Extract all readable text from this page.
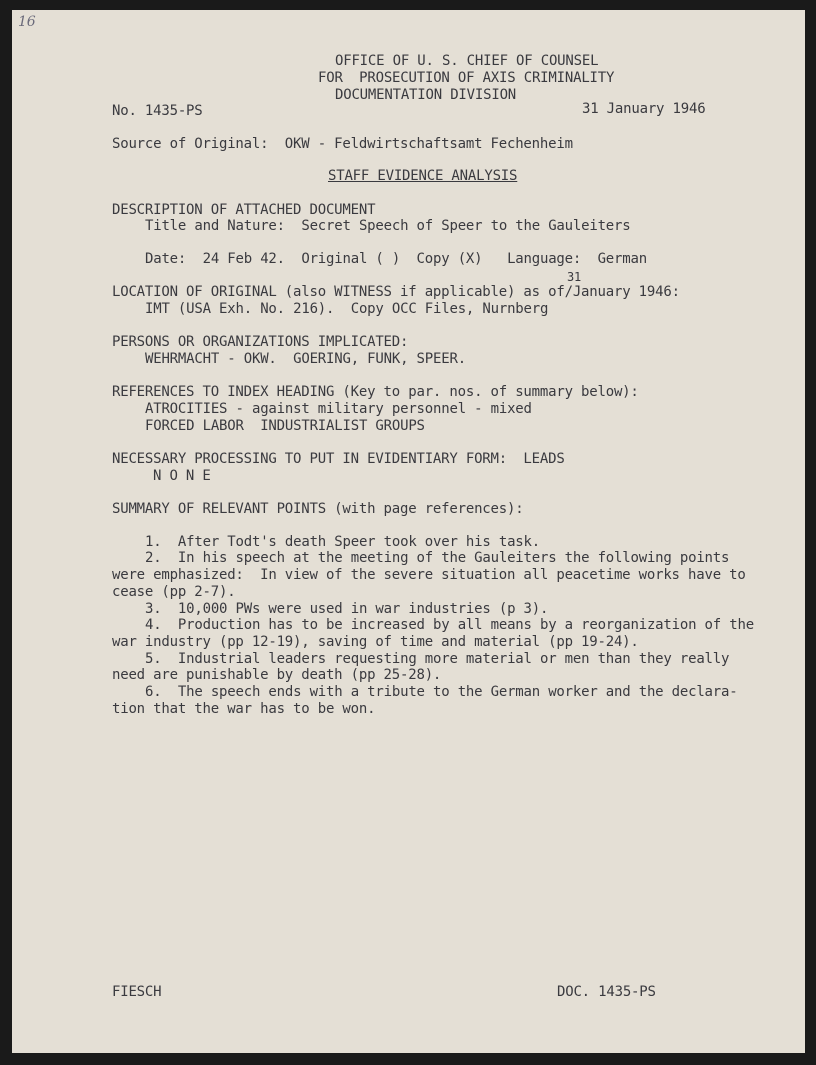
16
OFFICE OF U. S. CHIEF OF COUNSEL
FOR  PROSECUTION OF AXIS CRIMINALITY
DOCUMENTATION DIVISION
No. 1435-PS	31 January 1946
Source of Original:  OKW - Feldwirtschaftsamt Fechenheim
STAFF EVIDENCE ANALYSIS
DESCRIPTION OF ATTACHED DOCUMENT
Title and Nature:  Secret Speech of Speer to the Gauleiters
Date:  24 Feb 42.  Original ( )  Copy (X)   Language:  German
LOCATION OF ORIGINAL (also WITNESS if applicable) as of/January 1946:
31
IMT (USA Exh. No. 216).  Copy OCC Files, Nurnberg
PERSONS OR ORGANIZATIONS IMPLICATED:
WEHRMACHT - OKW.  GOERING, FUNK, SPEER.
REFERENCES TO INDEX HEADING (Key to par. nos. of summary below):
ATROCITIES - against military personnel - mixed
FORCED LABOR  INDUSTRIALIST GROUPS
NECESSARY PROCESSING TO PUT IN EVIDENTIARY FORM:  LEADS
N O N E
SUMMARY OF RELEVANT POINTS (with page references):
1.  After Todt's death Speer took over his task.
2.  In his speech at the meeting of the Gauleiters the following points
were emphasized:  In view of the severe situation all peacetime works have to
cease (pp 2-7).
3.  10,000 PWs were used in war industries (p 3).
4.  Production has to be increased by all means by a reorganization of the
war industry (pp 12-19), saving of time and material (pp 19-24).
5.  Industrial leaders requesting more material or men than they really
need are punishable by death (pp 25-28).
6.  The speech ends with a tribute to the German worker and the declara-
tion that the war has to be won.
FIESCH	DOC. 1435-PS
